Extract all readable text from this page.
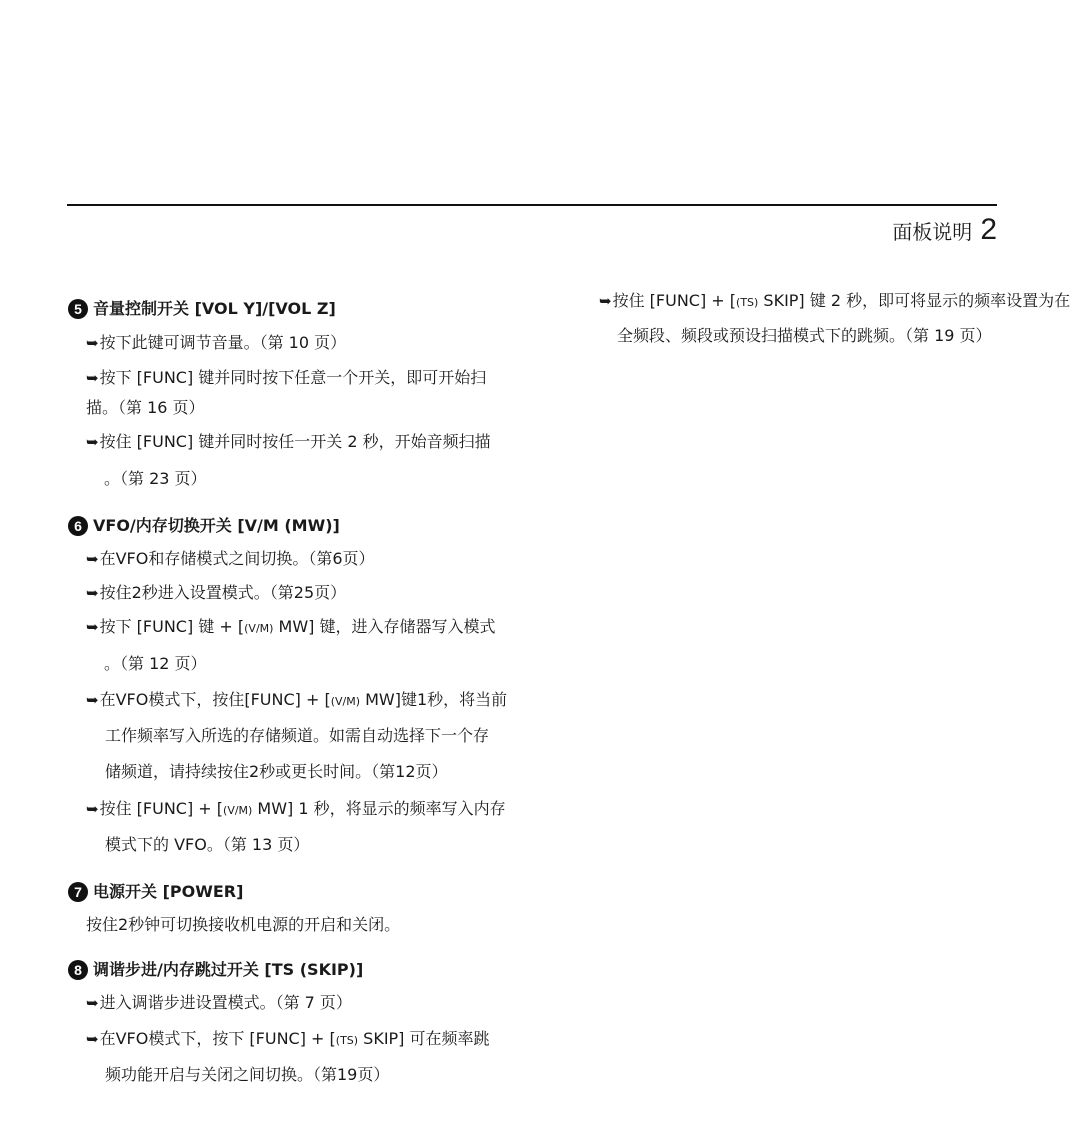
面板说明 2
5 音量控制开关 [VOL Y]/[VOL Z]
➥按下此键可调节音量。（第 10 页）
➥按下 [FUNC] 键并同时按下任意一个开关，即可开始扫
描。（第 16 页）
➥按住 [FUNC] 键并同时按任一开关 2 秒，开始音频扫描
。（第 23 页）
6 VFO/内存切换开关 [V/M (MW)]
➥在VFO和存储模式之间切换。（第6页）
➥按住2秒进入设置模式。（第25页）
➥按下 [FUNC] 键 + [(V/M) MW] 键，进入存储器写入模式
。（第 12 页）
➥在VFO模式下，按住[FUNC] + [(V/M) MW]键1秒，将当前
工作频率写入所选的存储频道。如需自动选择下一个存
储频道，请持续按住2秒或更长时间。（第12页）
➥按住 [FUNC] + [(V/M) MW] 1 秒，将显示的频率写入内存
模式下的 VFO。（第 13 页）
7 电源开关 [POWER]
按住2秒钟可切换接收机电源的开启和关闭。
8 调谐步进/内存跳过开关 [TS (SKIP)]
➥进入调谐步进设置模式。（第 7 页）
➥在VFO模式下，按下 [FUNC] + [(TS) SKIP] 可在频率跳
频功能开启与关闭之间切换。（第19页）
➥按住 [FUNC] + [(TS) SKIP] 键 2 秒，即可将显示的频率设置为在
全频段、频段或预设扫描模式下的跳频。（第 19 页）
